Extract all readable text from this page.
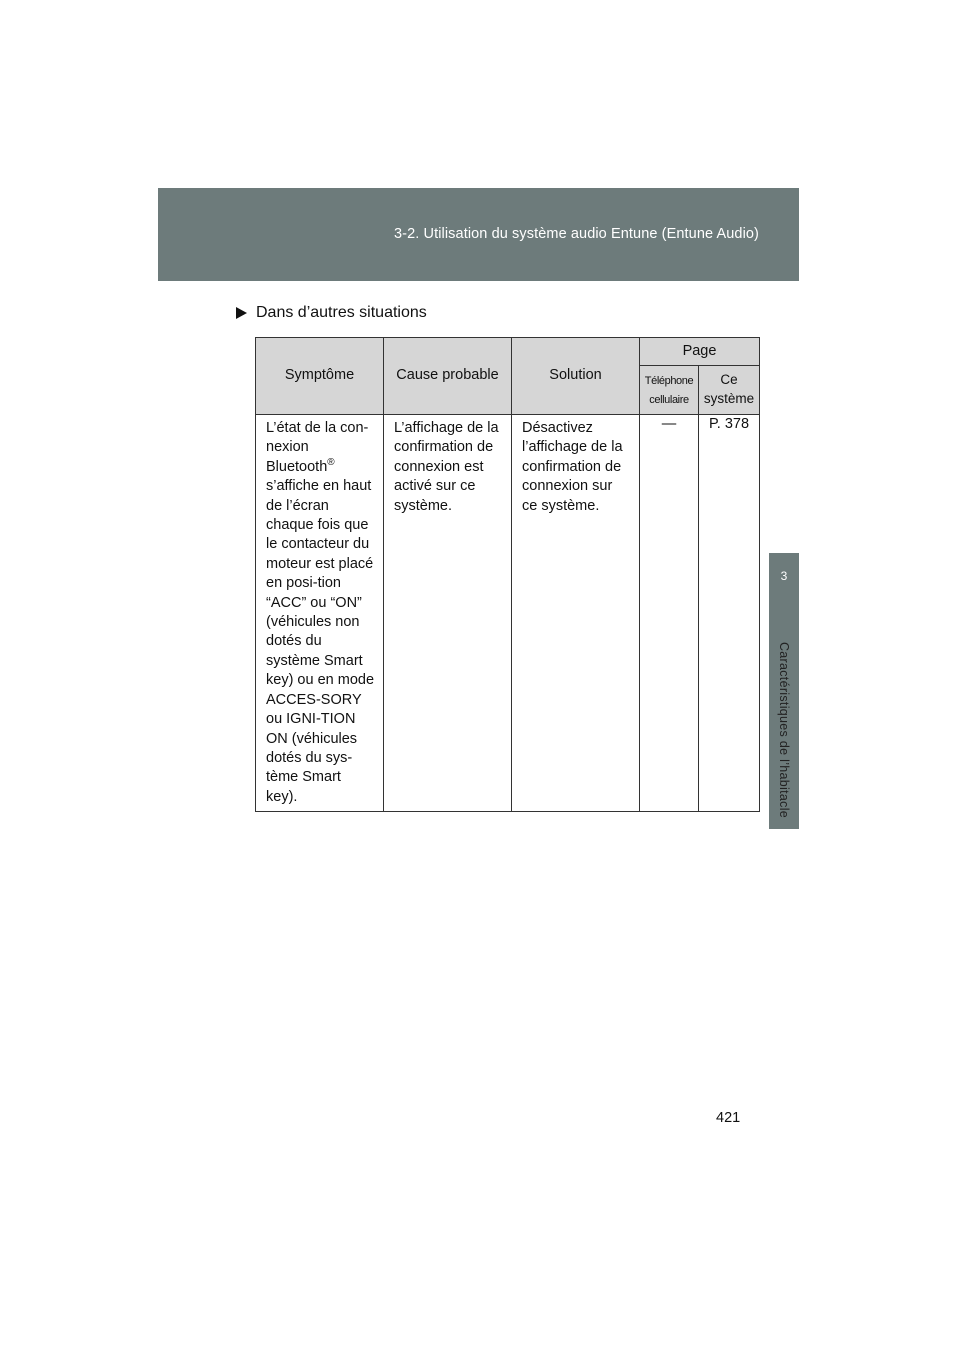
3-2. Utilisation du système audio Entune (Entune Audio)
3
Caractéristiques de l’habitacle
Dans d’autres situations
Symptôme	Cause probable	Solution	Page	
			Téléphone cellulaire	Ce système

L’état de la con-nexion Bluetooth® s’affiche en haut de l’écran chaque fois que le contacteur du moteur est placé en posi-tion “ACC” ou “ON” (véhicules non dotés du système Smart key) ou en mode ACCES-SORY ou IGNI-TION ON (véhicules dotés du sys-tème Smart key).	L’affichage de la confirmation de connexion est activé sur ce système.	Désactivez l’affichage de la confirmation de connexion sur ce système.	—	P. 378
421
